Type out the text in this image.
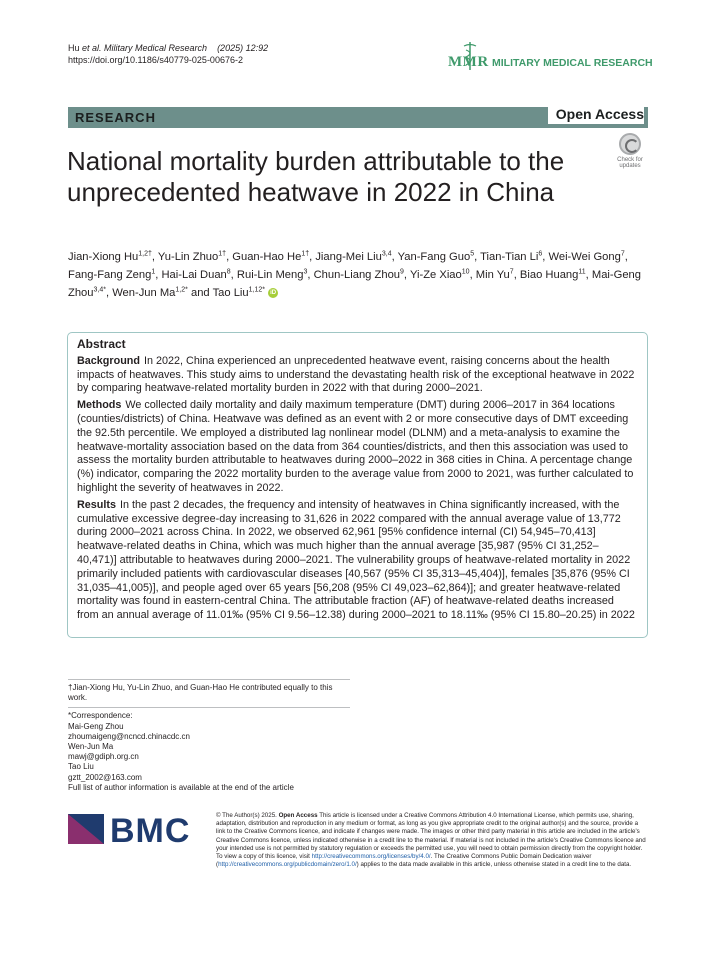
Hu et al. Military Medical Research (2025) 12:92
https://doi.org/10.1186/s40779-025-00676-2	MMR MILITARY MEDICAL RESEARCH
RESEARCH	Open Access
National mortality burden attributable to the unprecedented heatwave in 2022 in China
Check for updates
Jian-Xiong $Hu^{1,2\dagger}$, Yu-Lin Zhuo$^{1\dagger}$, Guan-Hao $He^{1\dagger}$, Jiang-Mei Liu$^{3,4}$, Yan-Fang Guo$^5$, Tian-Tian Li$^6$, Wei-Wei Gong$^7$, Fang-Fang Zeng$^1$, Hai-Lai Duan$^8$, Rui-Lin Meng$^3$, Chun-Liang Zhou$^9$, Yi-Ze Xiao$^{10}$, Min Yu$^7$, Biao Huang$^{11}$, Mai-Geng Zhou$^{3,4*}$, Wen-Jun $Ma^{1,2*}$ and Tao Liu$^{1,12*}$ iD
Abstract

Background In 2022, China experienced an unprecedented heatwave event, raising concerns about the health impacts of heatwaves. This study aims to understand the devastating health risk of the exceptional heatwave in 2022 by comparing heatwave-related mortality burden in 2022 with that during 2000–2021.

Methods We collected daily mortality and daily maximum temperature (DMT) during 2006–2017 in 364 locations (counties/districts) of China. Heatwave was defined as an event with 2 or more consecutive days of DMT exceeding the 92.5th percentile. We employed a distributed lag nonlinear model (DLNM) and a meta-analysis to examine the heatwave-mortality association based on the data from 364 counties/districts, and then this association was used to assess the mortality burden attributable to heatwaves during 2000–2022 in 368 cities in China. A percentage change (%) indicator, comparing the 2022 mortality burden to the average value from 2000 to 2021, was further calculated to highlight the severity of heatwaves in 2022.

Results In the past 2 decades, the frequency and intensity of heatwaves in China significantly increased, with the cumulative excessive degree-day increasing to 31,626 in 2022 compared with the annual average value of 13,772 during 2000–2021 across China. In 2022, we observed 62,961 [95% confidence internal (CI) 54,945–70,413] heatwave-related deaths in China, which was much higher than the annual average [35,987 (95% CI 31,252–40,471)] attributable to heatwaves during 2000–2021. The vulnerability groups of heatwave-related mortality in 2022 primarily included patients with cardiovascular diseases [40,567 (95% CI 35,313–45,404)], females [35,876 (95% CI 31,035–41,005)], and people aged over 65 years [56,208 (95% CI 49,023–62,864)]; and greater heatwave-related mortality was found in eastern-central China. The attributable fraction (AF) of heatwave-related deaths increased from an annual average of 11.01‰ (95% CI 9.56–12.38) during 2000–2021 to 18.11‰ (95% CI 15.80–20.25) in 2022

†Jian-Xiong Hu, Yu-Lin Zhuo, and Guan-Hao He contributed equally to this work.
*Correspondence:
Mai-Geng Zhou
zhoumaigeng@ncncd.chinacdc.cn
Wen-Jun Ma
mawj@gdiph.org.cn
Tao Liu
gztt_2002@163.com
Full list of author information is available at the end of the article
BMC	© The Author(s) 2025. Open Access This article is licensed under a Creative Commons Attribution 4.0 International License, which permits use, sharing, adaptation, distribution and reproduction in any medium or format, as long as you give appropriate credit to the original author(s) and the source, provide a link to the Creative Commons licence, and indicate if changes were made. The images or other third party material in this article are included in the article's Creative Commons licence, unless indicated otherwise in a credit line to the material. If material is not included in the article's Creative Commons licence and your intended use is not permitted by statutory regulation or exceeds the permitted use, you will need to obtain permission directly from the copyright holder. To view a copy of this licence, visit http://creativecommons.org/licenses/by/4.0/. The Creative Commons Public Domain Dedication waiver (http://creativecommons.org/publicdomain/zero/1.0/) applies to the data made available in this article, unless otherwise stated in a credit line to the data.
